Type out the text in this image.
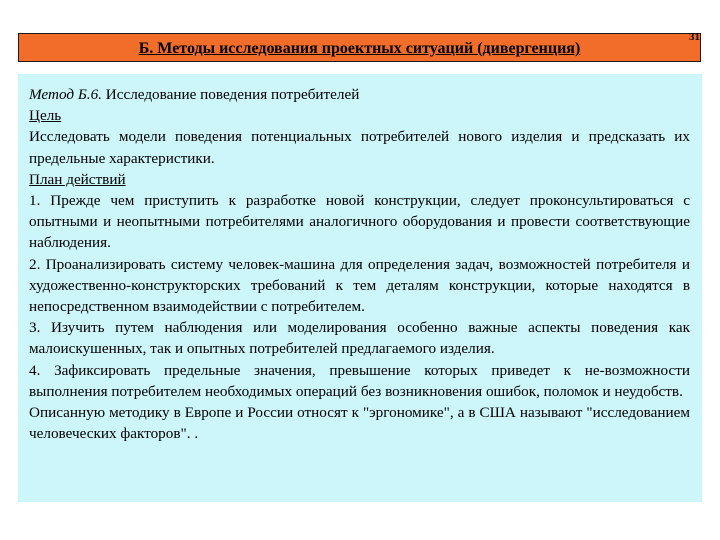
Б. Методы исследования проектных ситуаций (дивергенция)
31

Метод Б.6. Исследование поведения потребителей

Цель

Исследовать модели поведения потенциальных потребителей нового изделия и предсказать их предельные характеристики.

План действий

1. Прежде чем приступить к разработке новой конструкции, следует проконсультироваться с опытными и неопытными потребителями аналогичного оборудования и провести соответствующие наблюдения.

2. Проанализировать систему человек-машина для определения задач, возможностей потребителя и художественно-конструкторских требований к тем деталям конструкции, которые находятся в непосредственном взаимодействии с потребителем.

3. Изучить путем наблюдения или моделирования особенно важные аспекты поведения как малоискушенных, так и опытных потребителей предлагаемого изделия.

4. Зафиксировать предельные значения, превышение которых приведет к не-возможности выполнения потребителем необходимых операций без возникновения ошибок, поломок и неудобств.

Описанную методику в Европе и России относят к "эргономике", а в США называют "исследованием человеческих факторов". .
